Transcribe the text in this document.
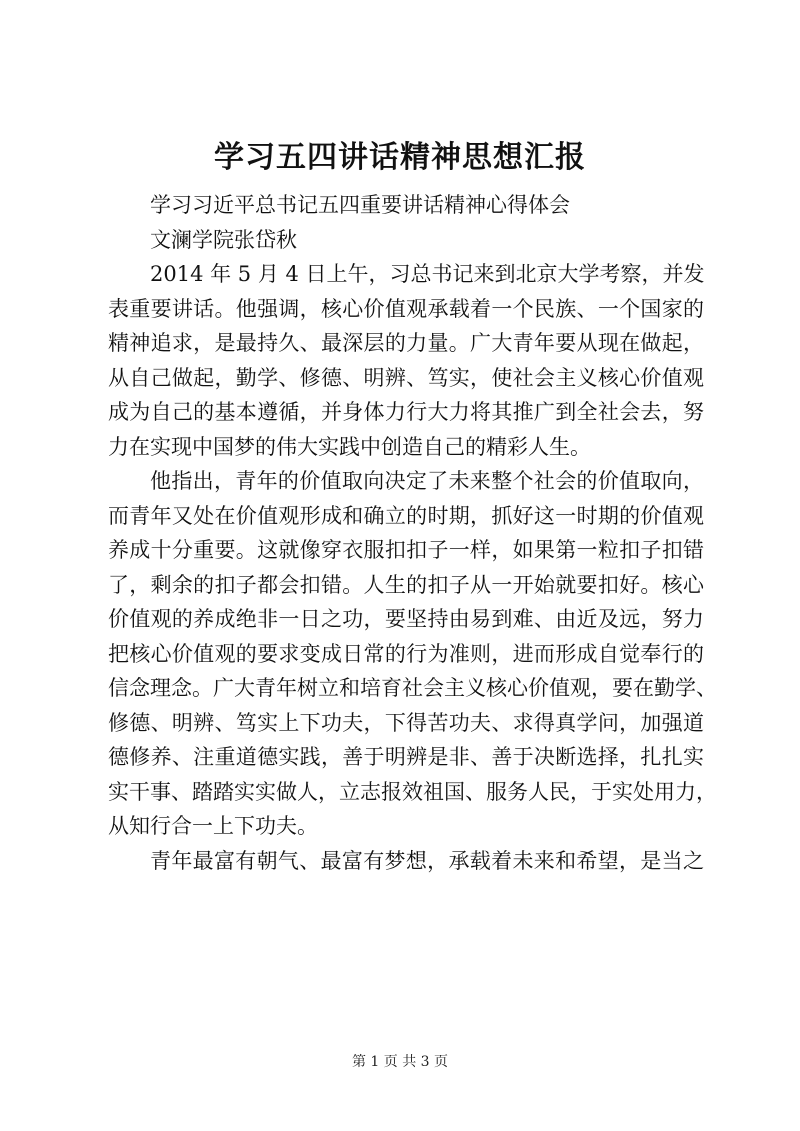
学习五四讲话精神思想汇报
学习习近平总书记五四重要讲话精神心得体会
文澜学院张岱秋
2014 年 5 月 4 日上午，习总书记来到北京大学考察，并发
表重要讲话。他强调，核心价值观承载着一个民族、一个国家的
精神追求，是最持久、最深层的力量。广大青年要从现在做起，
从自己做起，勤学、修德、明辨、笃实，使社会主义核心价值观
成为自己的基本遵循，并身体力行大力将其推广到全社会去，努
力在实现中国梦的伟大实践中创造自己的精彩人生。
他指出，青年的价值取向决定了未来整个社会的价值取向，
而青年又处在价值观形成和确立的时期，抓好这一时期的价值观
养成十分重要。这就像穿衣服扣扣子一样，如果第一粒扣子扣错
了，剩余的扣子都会扣错。人生的扣子从一开始就要扣好。核心
价值观的养成绝非一日之功，要坚持由易到难、由近及远，努力
把核心价值观的要求变成日常的行为准则，进而形成自觉奉行的
信念理念。广大青年树立和培育社会主义核心价值观，要在勤学、
修德、明辨、笃实上下功夫，下得苦功夫、求得真学问，加强道
德修养、注重道德实践，善于明辨是非、善于决断选择，扎扎实
实干事、踏踏实实做人，立志报效祖国、服务人民，于实处用力，
从知行合一上下功夫。
青年最富有朝气、最富有梦想，承载着未来和希望，是当之
第 1 页 共 3 页
